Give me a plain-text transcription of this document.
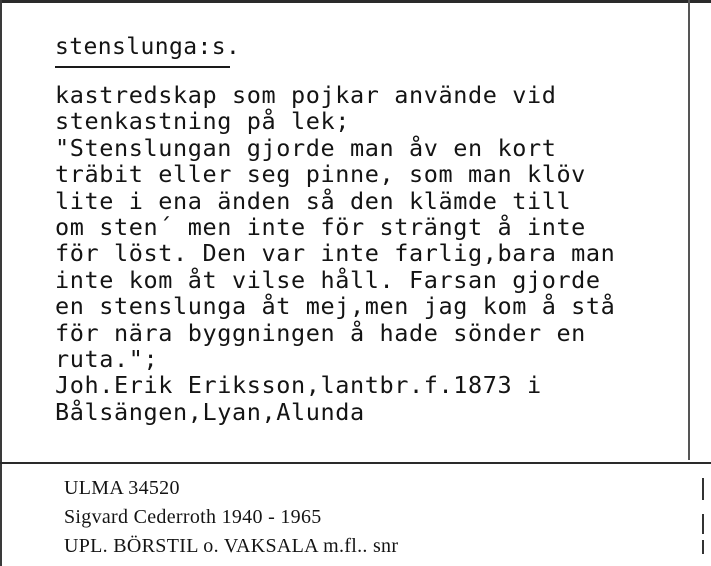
stenslunga:s.
kastredskap som pojkar använde vid
stenkastning på lek;
"Stenslungan gjorde man åv en kort
träbit eller seg pinne, som man klöv
lite i ena änden så den klämde till
om sten´ men inte för strängt å inte
för löst. Den var inte farlig,bara man
inte kom åt vilse håll. Farsan gjorde
en stenslunga åt mej,men jag kom å stå
för nära byggningen å hade sönder en
ruta.";
Joh.Erik Eriksson,lantbr.f.1873 i
Bålsängen,Lyan,Alunda
ULMA 34520
Sigvard Cederroth 1940 - 1965
UPL. BÖRSTIL o. VAKSALA m.fl.. snr
